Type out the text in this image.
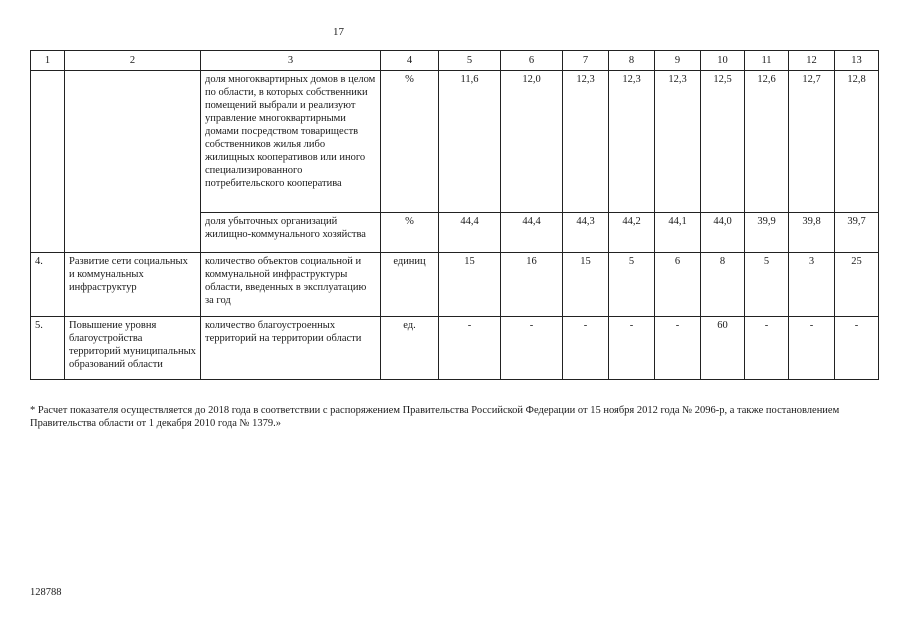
17
1	2	3	4	5	6	7	8	9	10	11	12	13
		доля многоквартирных домов в целом по области, в которых собственники помещений выбрали и реализуют управление многоквартирными домами посредством товариществ собственников жилья либо жилищных кооперативов или иного специализированного потребительского кооператива	%	11,6	12,0	12,3	12,3	12,3	12,5	12,6	12,7	12,8
		доля убыточных организаций жилищно-коммунального хозяйства	%	44,4	44,4	44,3	44,2	44,1	44,0	39,9	39,8	39,7
4.	Развитие сети социальных и коммунальных инфраструктур	количество объектов социальной и коммунальной инфраструктуры области, введенных в эксплуатацию за год	единиц	15	16	15	5	6	8	5	3	25
5.	Повышение уровня благоустройства территорий муниципальных образований области	количество благоустроенных территорий на территории области	ед.	-	-	-	-	-	60	-	-	-
* Расчет показателя осуществляется до 2018 года в соответствии с распоряжением Правительства Российской Федерации от 15 ноября 2012 года № 2096-р, а также постановлением Правительства области от 1 декабря 2010 года № 1379.»
128788
